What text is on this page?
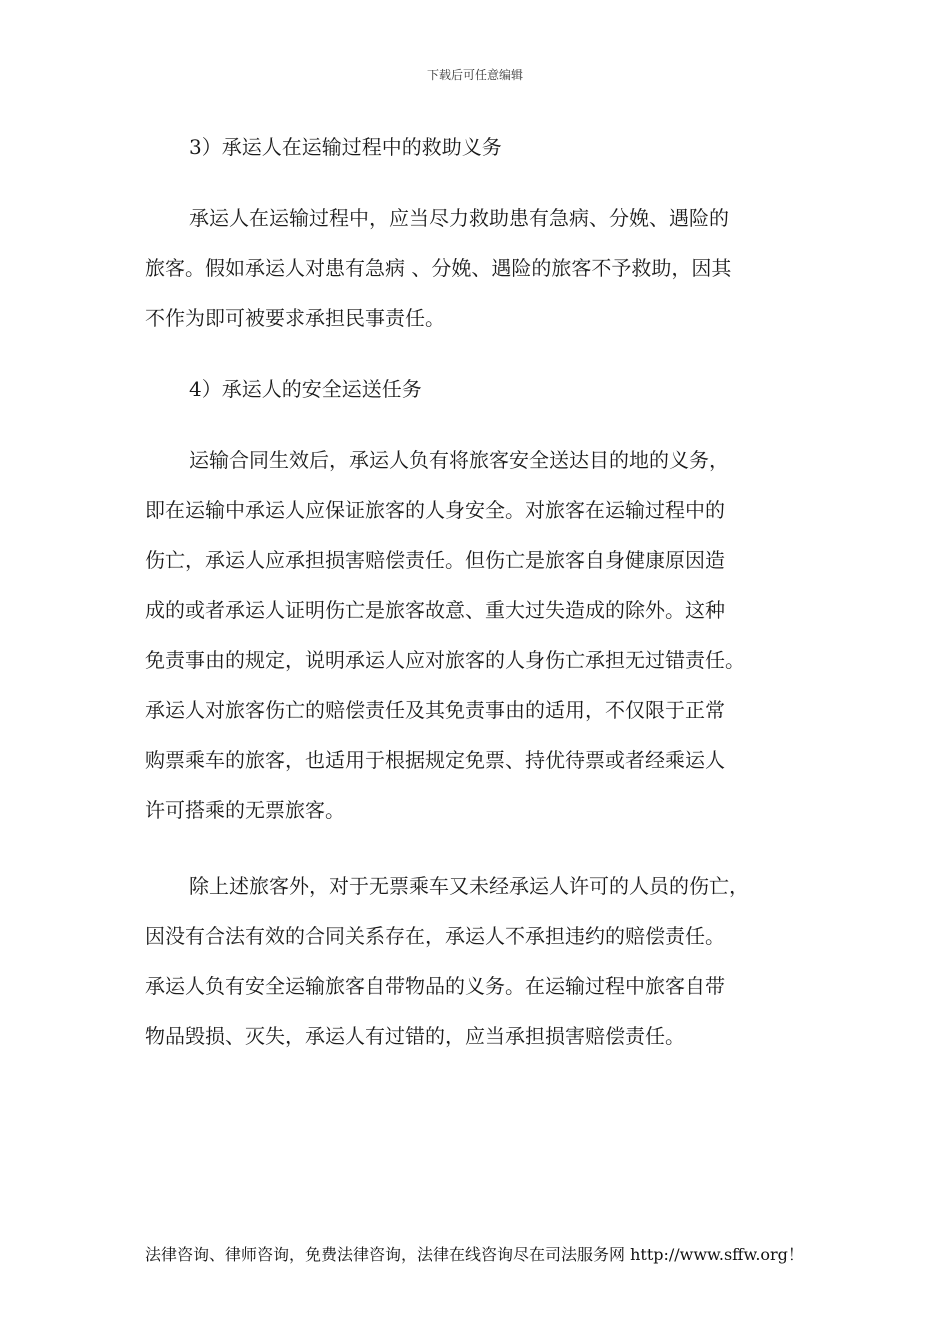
下载后可任意编辑
3）承运人在运输过程中的救助义务
承运人在运输过程中，应当尽力救助患有急病、分娩、遇险的
旅客。假如承运人对患有急病 、分娩、遇险的旅客不予救助，因其
不作为即可被要求承担民事责任。
4）承运人的安全运送任务
运输合同生效后，承运人负有将旅客安全送达目的地的义务，
即在运输中承运人应保证旅客的人身安全。对旅客在运输过程中的
伤亡，承运人应承担损害赔偿责任。但伤亡是旅客自身健康原因造
成的或者承运人证明伤亡是旅客故意、重大过失造成的除外。这种
免责事由的规定，说明承运人应对旅客的人身伤亡承担无过错责任。
承运人对旅客伤亡的赔偿责任及其免责事由的适用，不仅限于正常
购票乘车的旅客，也适用于根据规定免票、持优待票或者经乘运人
许可搭乘的无票旅客。
除上述旅客外，对于无票乘车又未经承运人许可的人员的伤亡，
因没有合法有效的合同关系存在，承运人不承担违约的赔偿责任。
承运人负有安全运输旅客自带物品的义务。在运输过程中旅客自带
物品毁损、灭失，承运人有过错的，应当承担损害赔偿责任。
法律咨询、律师咨询，免费法律咨询，法律在线咨询尽在司法服务网 http://www.sffw.org！
